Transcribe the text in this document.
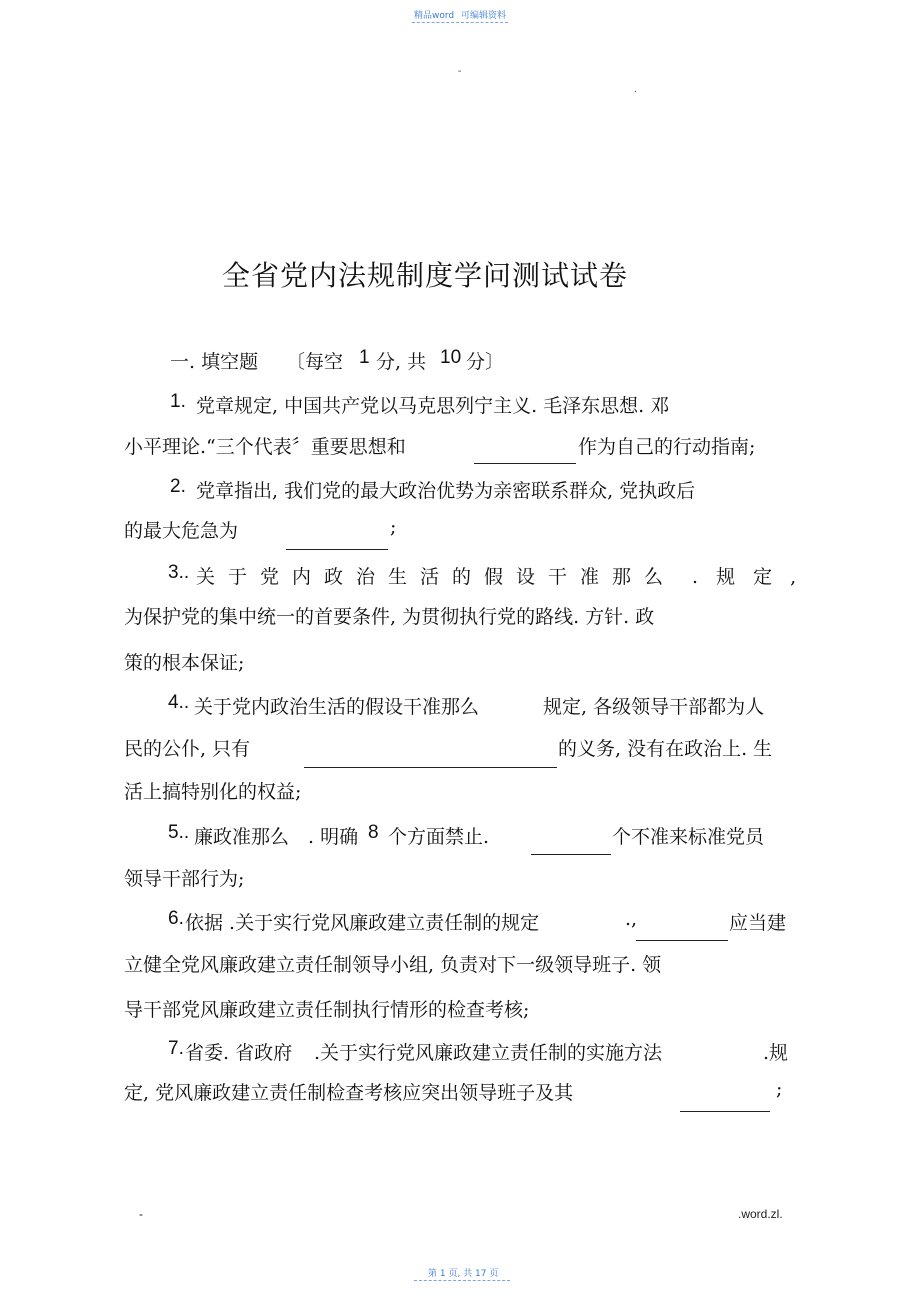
精品word 可编辑资料
-
.
全省党内法规制度学问测试试卷
一. 填空题 〔每空 1 分, 共 10 分〕
1. 党章规定, 中国共产党以马克思列宁主义. 毛泽东思想. 邓
小平理论.“三个代表〞重要思想和	作为自己的行动指南;
2. 党章指出, 我们党的最大政治优势为亲密联系群众, 党执政后
的最大危急为	;
3.. 关于党内政治生活的假设干准那么 . 规 定 ,
为保护党的集中统一的首要条件, 为贯彻执行党的路线. 方针. 政
策的根本保证;
4.. 关于党内政治生活的假设干准那么	规定, 各级领导干部都为人
民的公仆, 只有	的义务, 没有在政治上. 生
活上搞特别化的权益;
5.. 廉政准那么 . 明确 8 个方面禁止.	个不准来标准党员
领导干部行为;
6. 依据 .关于实行党风廉政建立责任制的规定	.,	应当建
立健全党风廉政建立责任制领导小组, 负责对下一级领导班子. 领
导干部党风廉政建立责任制执行情形的检查考核;
7. 省委. 省政府 .关于实行党风廉政建立责任制的实施方法	.规
定, 党风廉政建立责任制检查考核应突出领导班子及其	;
-	.word.zl.
第 1 页, 共 17 页
